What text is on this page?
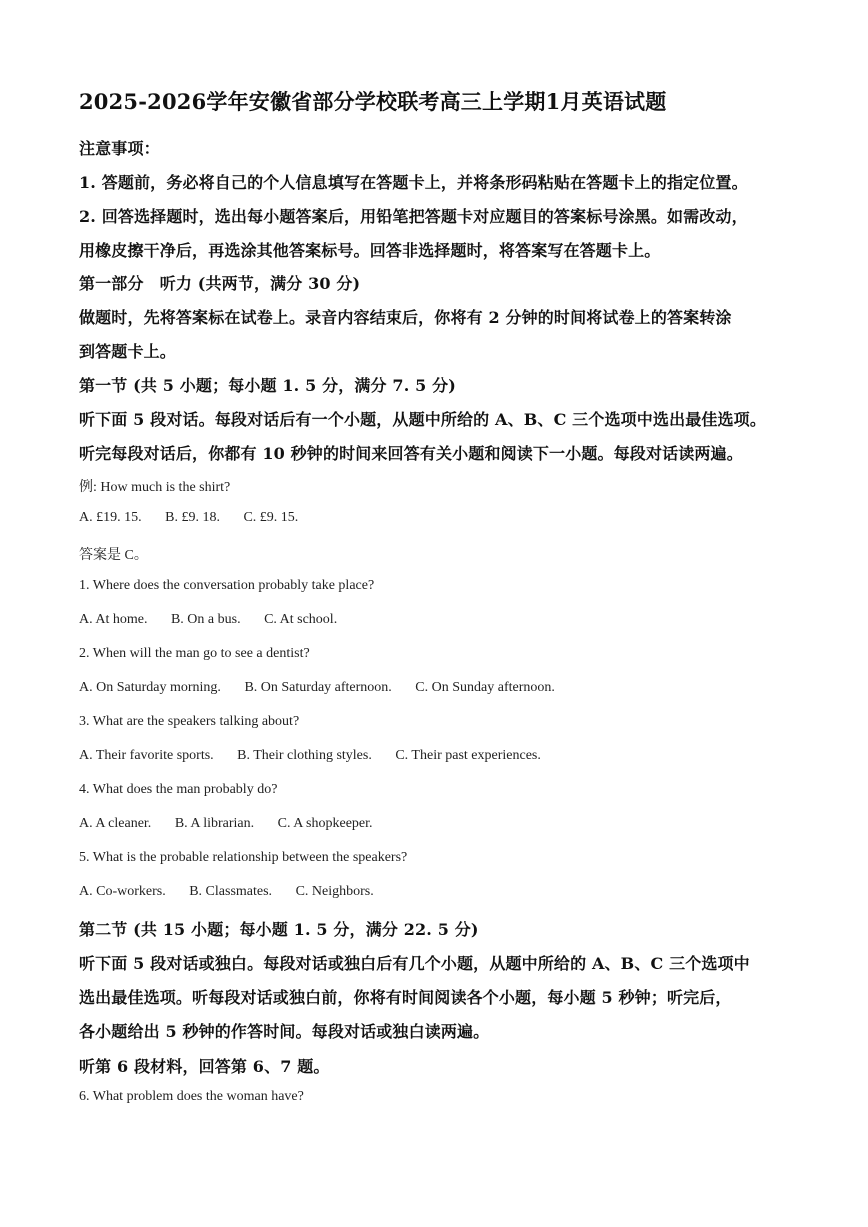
2025-2026学年安徽省部分学校联考高三上学期1月英语试题
注意事项：
1. 答题前，务必将自己的个人信息填写在答题卡上，并将条形码粘贴在答题卡上的指定位置。
2. 回答选择题时，选出每小题答案后，用铅笔把答题卡对应题目的答案标号涂黑。如需改动，
用橡皮擦干净后，再选涂其他答案标号。回答非选择题时，将答案写在答题卡上。
第一部分　听力 (共两节，满分 30 分)
做题时，先将答案标在试卷上。录音内容结束后，你将有 2 分钟的时间将试卷上的答案转涂
到答题卡上。
第一节 (共 5 小题；每小题 1. 5 分，满分 7. 5 分)
听下面 5 段对话。每段对话后有一个小题，从题中所给的 A、B、C 三个选项中选出最佳选项。
听完每段对话后，你都有 10 秒钟的时间来回答有关小题和阅读下一小题。每段对话读两遍。
例: How much is the shirt?
A. £19. 15. B. £9. 18. C. £9. 15.
答案是 C。
1. Where does the conversation probably take place?
A. At home. B. On a bus. C. At school.
2. When will the man go to see a dentist?
A. On Saturday morning. B. On Saturday afternoon. C. On Sunday afternoon.
3. What are the speakers talking about?
A. Their favorite sports. B. Their clothing styles. C. Their past experiences.
4. What does the man probably do?
A. A cleaner. B. A librarian. C. A shopkeeper.
5. What is the probable relationship between the speakers?
A. Co-workers. B. Classmates. C. Neighbors.
第二节 (共 15 小题；每小题 1. 5 分，满分 22. 5 分)
听下面 5 段对话或独白。每段对话或独白后有几个小题，从题中所给的 A、B、C 三个选项中
选出最佳选项。听每段对话或独白前，你将有时间阅读各个小题，每小题 5 秒钟；听完后，
各小题给出 5 秒钟的作答时间。每段对话或独白读两遍。
听第 6 段材料，回答第 6、7 题。
6. What problem does the woman have?
